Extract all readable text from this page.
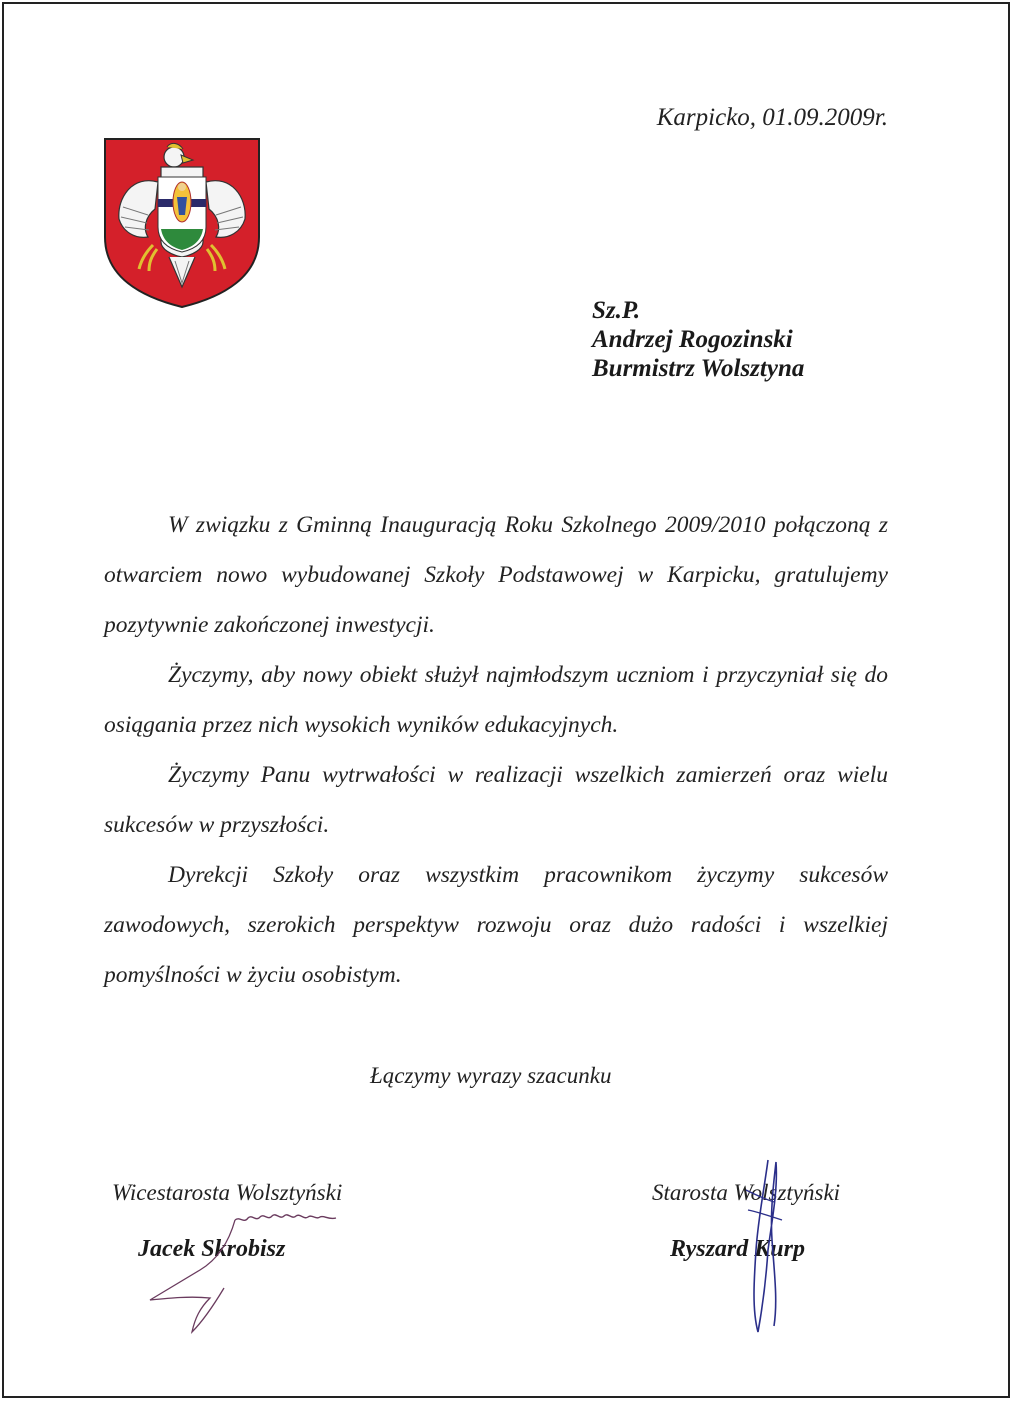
Karpicko, 01.09.2009r.
Sz.P.
Andrzej Rogozinski
Burmistrz Wolsztyna

W związku z Gminną Inauguracją Roku Szkolnego 2009/2010 połączoną z otwarciem nowo wybudowanej Szkoły Podstawowej w Karpicku, gratulujemy pozytywnie zakończonej inwestycji.

Życzymy, aby nowy obiekt służył najmłodszym uczniom i przyczyniał się do osiągania przez nich wysokich wyników edukacyjnych.

Życzymy Panu wytrwałości w realizacji wszelkich zamierzeń oraz wielu sukcesów w przyszłości.

Dyrekcji Szkoły oraz wszystkim pracownikom życzymy sukcesów zawodowych, szerokich perspektyw rozwoju oraz dużo radości i wszelkiej pomyślności w życiu osobistym.

Łączymy wyrazy szacunku
Wicestarosta Wolsztyński
Jacek Skrobisz
Starosta Wolsztyński
Ryszard Kurp
